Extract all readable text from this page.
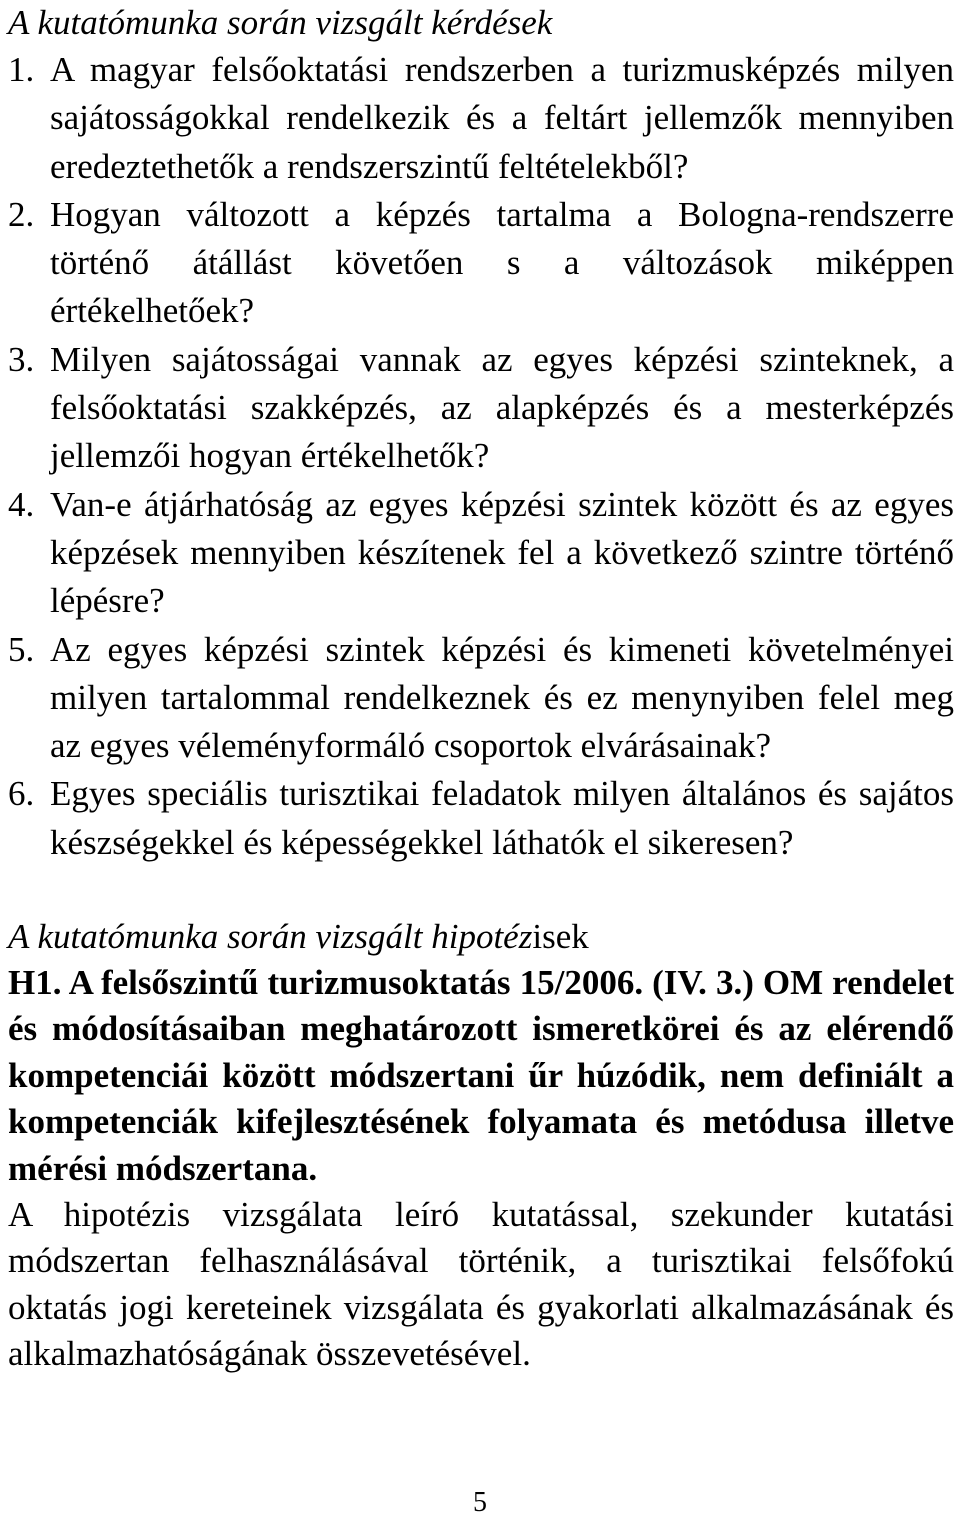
A kutatómunka során vizsgált kérdések

1. A magyar felsőoktatási rendszerben a turizmusképzés milyen sajátosságokkal rendelkezik és a feltárt jellemzők mennyiben eredeztethetők a rendszerszintű feltételekből?
2. Hogyan változott a képzés tartalma a Bologna-rendszerre történő átállást követően s a változások miképpen értékelhetőek?
3. Milyen sajátosságai vannak az egyes képzési szinteknek, a felsőoktatási szakképzés, az alapképzés és a mesterképzés jellemzői hogyan értékelhetők?
4. Van-e átjárhatóság az egyes képzési szintek között és az egyes képzések mennyiben készítenek fel a következő szintre történő lépésre?
5. Az egyes képzési szintek képzési és kimeneti követelményei milyen tartalommal rendelkeznek és ez menynyiben felel meg az egyes véleményformáló csoportok elvárásainak?
6. Egyes speciális turisztikai feladatok milyen általános és sajátos készségekkel és képességekkel láthatók el sikeresen?

A kutatómunka során vizsgált hipotézisek

H1. A felsőszintű turizmusoktatás 15/2006. (IV. 3.) OM rendelet és módosításaiban meghatározott ismeretkörei és az elérendő kompetenciái között módszertani űr húzódik, nem definiált a kompetenciák kifejlesztésének folyamata és metódusa illetve mérési módszertana.

A hipotézis vizsgálata leíró kutatással, szekunder kutatási módszertan felhasználásával történik, a turisztikai felsőfokú oktatás jogi kereteinek vizsgálata és gyakorlati alkalmazásának és alkalmazhatóságának összevetésével.

5
